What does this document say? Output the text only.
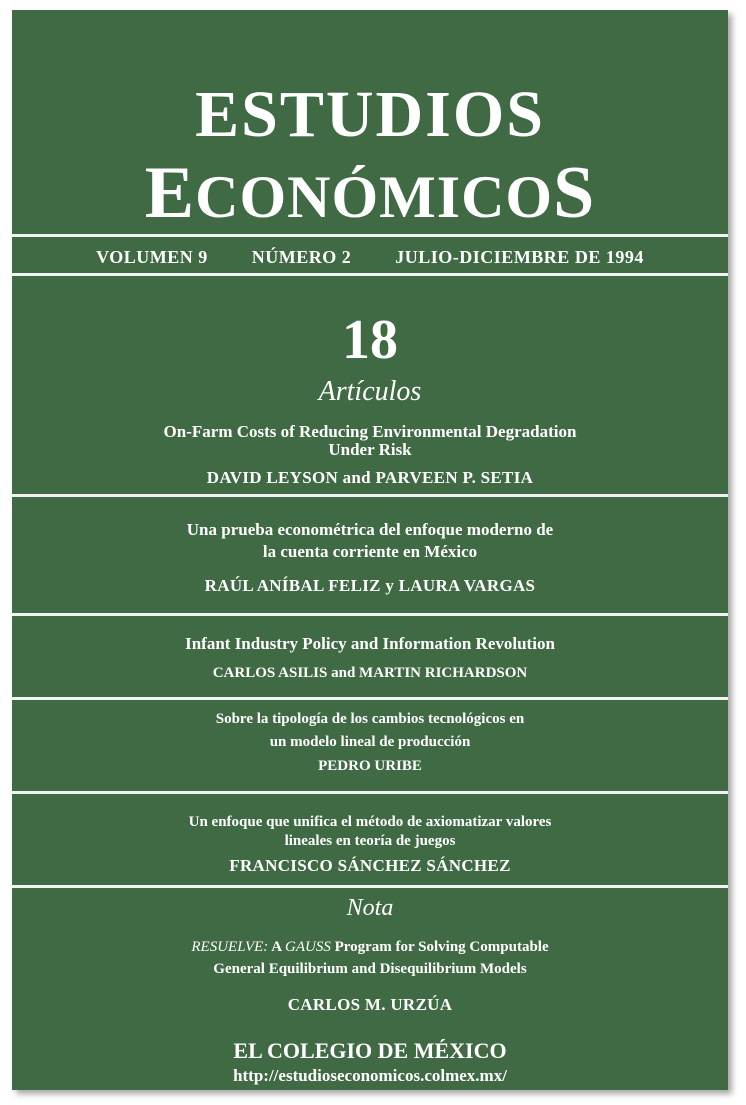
ESTUDIOS
ECONÓMICOS
VOLUMEN 9 NÚMERO 2 JULIO-DICIEMBRE DE 1994
18
Artículos
On-Farm Costs of Reducing Environmental Degradation
Under Risk
DAVID LEYSON and PARVEEN P. SETIA
Una prueba econométrica del enfoque moderno de
la cuenta corriente en México
RAÚL ANÍBAL FELIZ y LAURA VARGAS
Infant Industry Policy and Information Revolution
CARLOS ASILIS and MARTIN RICHARDSON
Sobre la tipología de los cambios tecnológicos en
un modelo lineal de producción
PEDRO URIBE
Un enfoque que unifica el método de axiomatizar valores
lineales en teoría de juegos
FRANCISCO SÁNCHEZ SÁNCHEZ
Nota
RESUELVE: A GAUSS Program for Solving Computable
General Equilibrium and Disequilibrium Models
CARLOS M. URZÚA
EL COLEGIO DE MÉXICO
http://estudioseconomicos.colmex.mx/
